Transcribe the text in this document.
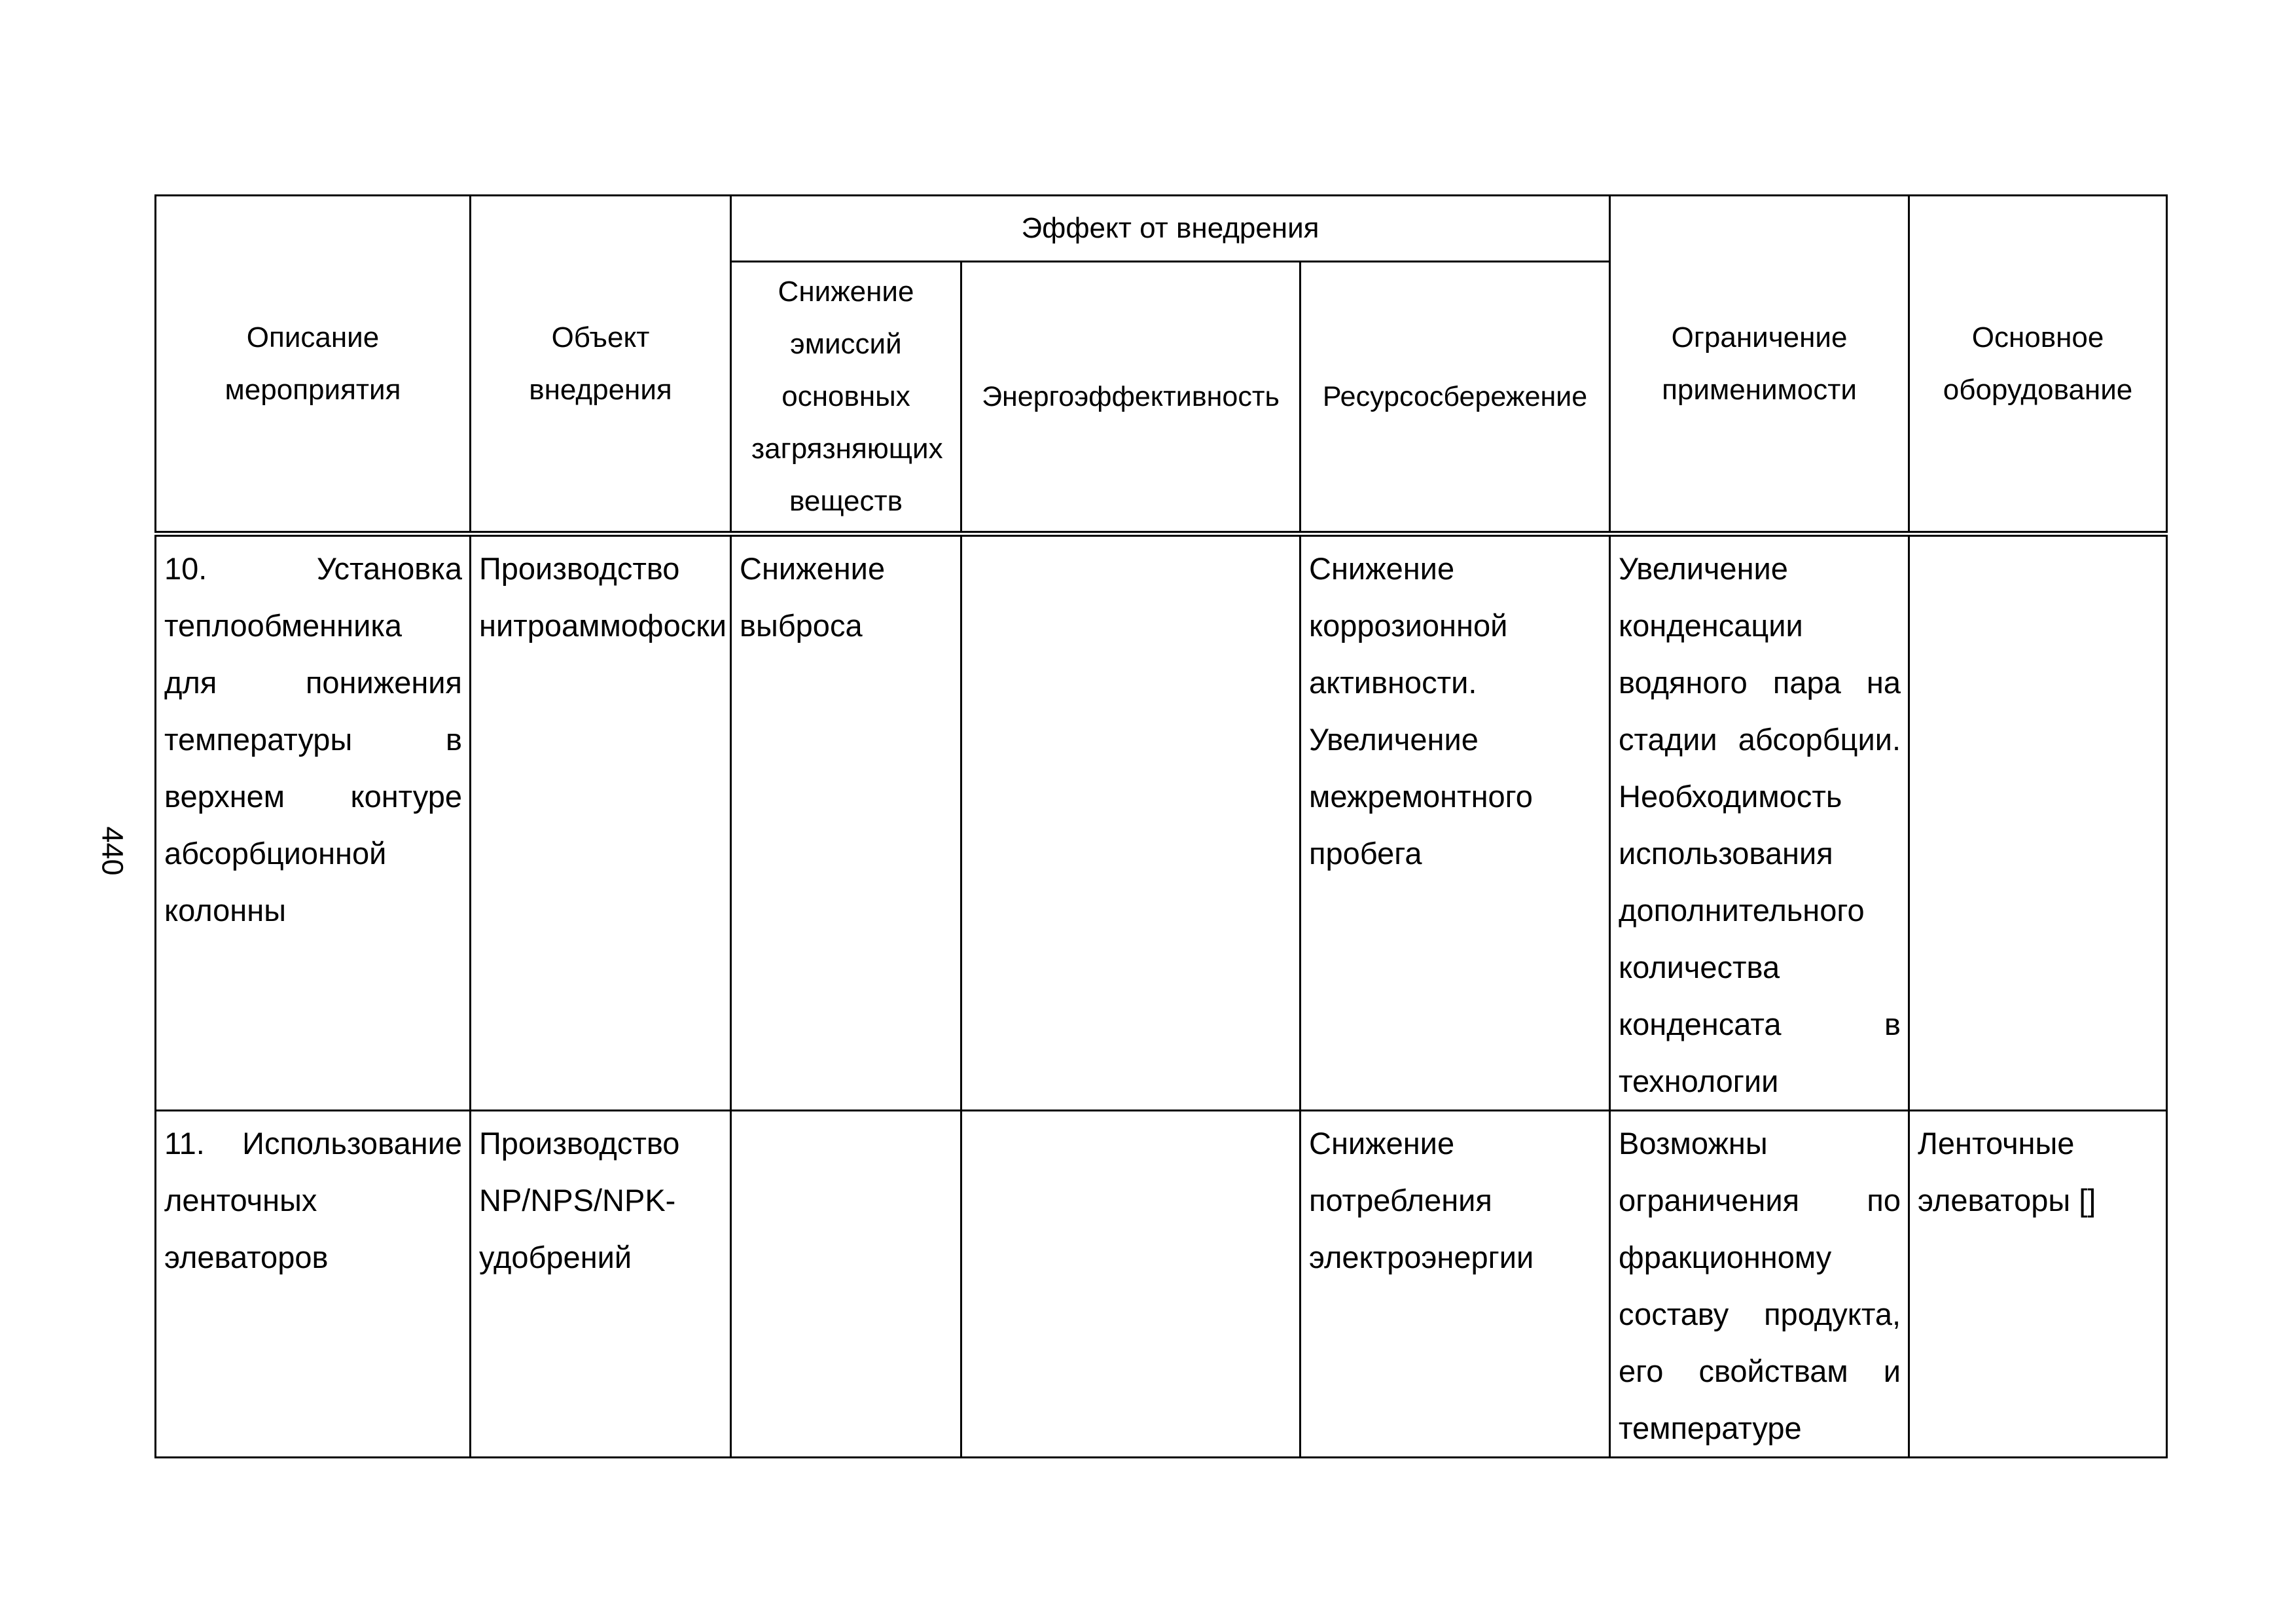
440
Описание мероприятия	Объект внедрения	Эффект от внедрения			Ограничение применимости	Основное оборудование
		Снижение эмиссий основных загрязняющих веществ	Энергоэффективность	Ресурсосбережение		
10. Установка теплообменника для понижения температуры в верхнем контуре абсорбционной колонны	Производство нитроаммофоски	Снижение выброса		Снижение коррозионной активности. Увеличение межремонтного пробега	Увеличение конденсации водяного пара на стадии абсорбции. Необходимость использования дополнительного количества конденсата в технологии	
11. Использование ленточных элеваторов	Производство NP/NPS/NPK-удобрений			Снижение потребления электроэнергии	Возможны ограничения по фракционному составу продукта, его свойствам и температуре	Ленточные элеваторы []
